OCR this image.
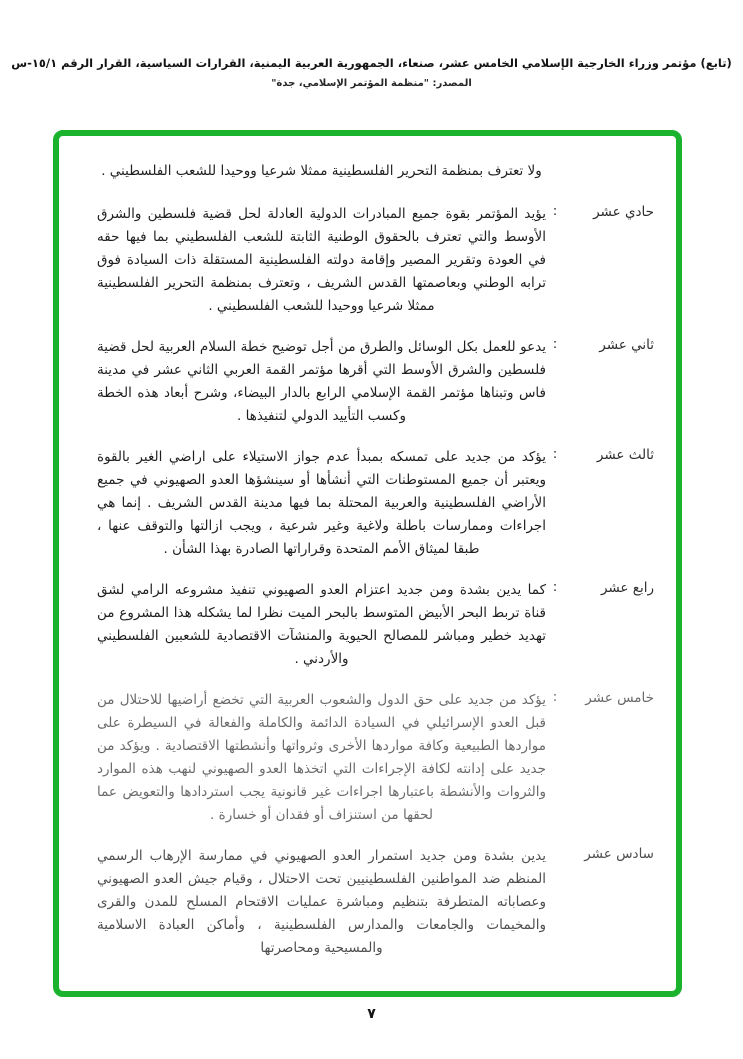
(تابع) مؤتمر وزراء الخارجية الإسلامي الخامس عشر، صنعاء، الجمهورية العربية اليمنية، القرارات السياسية، القرار الرقم ١٥/١-س
المصدر: "منظمة المؤتمر الإسلامي، جدة"
ولا تعترف بمنظمة التحرير الفلسطينية ممثلا شرعيا ووحيدا للشعب الفلسطيني .
حادي عشر
:
يؤيد المؤتمر بقوة جميع المبادرات الدولية العادلة لحل قضية فلسطين والشرق الأوسط والتي تعترف بالحقوق الوطنية الثابتة للشعب الفلسطيني بما فيها حقه في العودة وتقرير المصير وإقامة دولته الفلسطينية المستقلة ذات السيادة فوق ترابه الوطني وبعاصمتها القدس الشريف ، وتعترف بمنظمة التحرير الفلسطينية ممثلا شرعيا ووحيدا للشعب الفلسطيني .
ثاني عشر
:
يدعو للعمل بكل الوسائل والطرق من أجل توضيح خطة السلام العربية لحل قضية فلسطين والشرق الأوسط التي أقرها مؤتمر القمة العربي الثاني عشر في مدينة فاس وتبناها مؤتمر القمة الإسلامي الرابع بالدار البيضاء، وشرح أبعاد هذه الخطة وكسب التأييد الدولي لتنفيذها .
ثالث عشر
:
يؤكد من جديد على تمسكه بمبدأ عدم جواز الاستيلاء على اراضي الغير بالقوة ويعتبر أن جميع المستوطنات التي أنشأها أو سينشؤها العدو الصهيوني في جميع الأراضي الفلسطينية والعربية المحتلة بما فيها مدينة القدس الشريف . إنما هي اجراءات وممارسات باطلة ولاغية وغير شرعية ، ويجب ازالتها والتوقف عنها ، طبقا لميثاق الأمم المتحدة وقراراتها الصادرة بهذا الشأن .
رابع عشر
:
كما يدين بشدة ومن جديد اعتزام العدو الصهيوني تنفيذ مشروعه الرامي لشق قناة تربط البحر الأبيض المتوسط بالبحر الميت نظرا لما يشكله هذا المشروع من تهديد خطير ومباشر للمصالح الحيوية والمنشآت الاقتصادية للشعبين الفلسطيني والأردني .
خامس عشر
:
يؤكد من جديد على حق الدول والشعوب العربية التي تخضع أراضيها للاحتلال من قبل العدو الإسرائيلي في السيادة الدائمة والكاملة والفعالة في السيطرة على مواردها الطبيعية وكافة مواردها الأخرى وثرواتها وأنشطتها الاقتصادية . ويؤكد من جديد على إدانته لكافة الإجراءات التي اتخذها العدو الصهيوني لنهب هذه الموارد والثروات والأنشطة باعتبارها اجراءات غير قانونية يجب استردادها والتعويض عما لحقها من استنزاف أو فقدان أو خسارة .
سادس عشر
يدين بشدة ومن جديد استمرار العدو الصهيوني في ممارسة الإرهاب الرسمي المنظم ضد المواطنين الفلسطينيين تحت الاحتلال ، وقيام جيش العدو الصهيوني وعصاباته المتطرفة بتنظيم ومباشرة عمليات الاقتحام المسلح للمدن والقرى والمخيمات والجامعات والمدارس الفلسطينية ، وأماكن العبادة الاسلامية والمسيحية ومحاصرتها
٧
